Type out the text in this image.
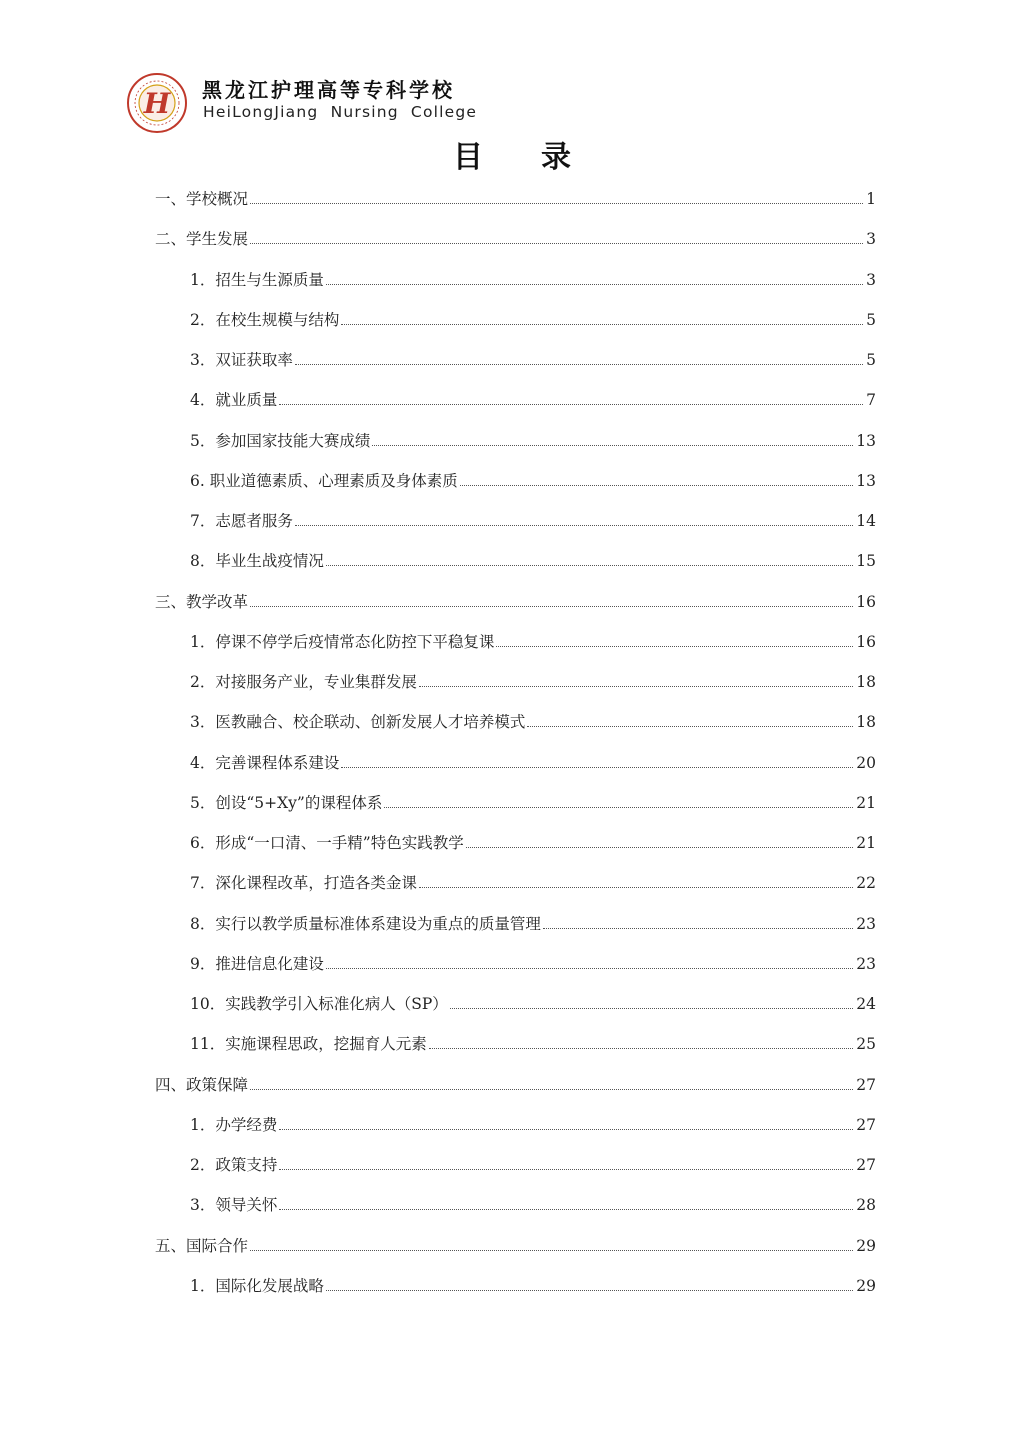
H 黑龙江护理高等专科学校
HeiLongJiang Nursing College
目 录
一、学校概况	1
二、学生发展	3
1．招生与生源质量	3
2．在校生规模与结构	5
3．双证获取率	5
4．就业质量	7
5．参加国家技能大赛成绩	13
6. 职业道德素质、心理素质及身体素质	13
7．志愿者服务	14
8．毕业生战疫情况	15
三、教学改革	16
1．停课不停学后疫情常态化防控下平稳复课	16
2．对接服务产业，专业集群发展	18
3．医教融合、校企联动、创新发展人才培养模式	18
4．完善课程体系建设	20
5．创设“5+Xy”的课程体系	21
6．形成“一口清、一手精”特色实践教学	21
7．深化课程改革，打造各类金课	22
8．实行以教学质量标准体系建设为重点的质量管理	23
9．推进信息化建设	23
10．实践教学引入标准化病人（SP）	24
11．实施课程思政，挖掘育人元素	25
四、政策保障	27
1．办学经费	27
2．政策支持	27
3．领导关怀	28
五、国际合作	29
1．国际化发展战略	29
